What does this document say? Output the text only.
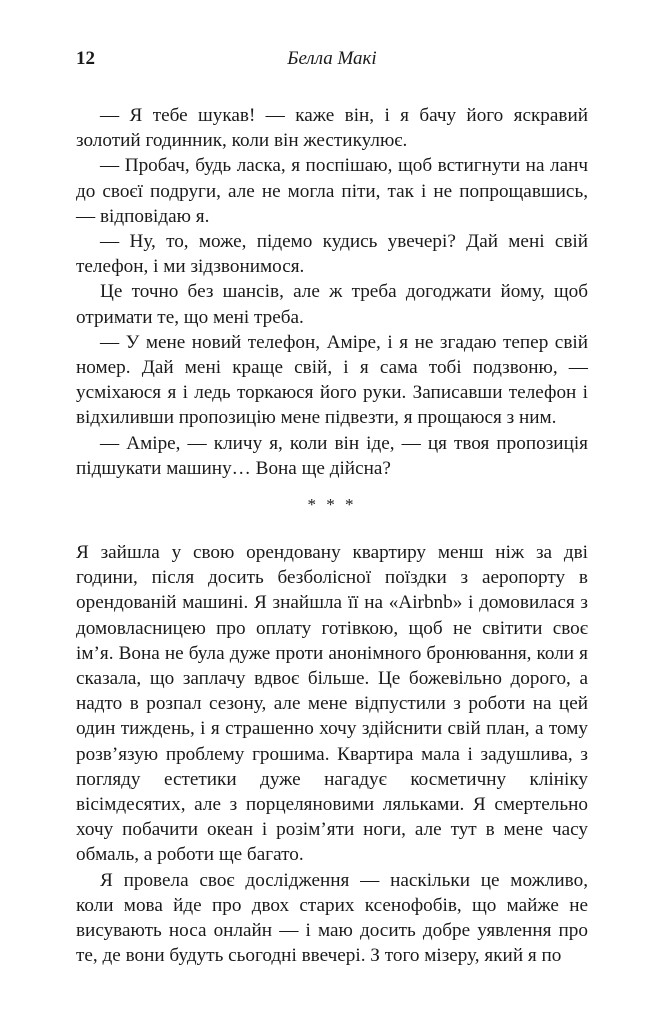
12	Белла Макі

— Я тебе шукав! — каже він, і я бачу його яскравий золотий годинник, коли він жестикулює.

— Пробач, будь ласка, я поспішаю, щоб встигнути на ланч до своєї подруги, але не могла піти, так і не попрощавшись, — відповідаю я.

— Ну, то, може, підемо кудись увечері? Дай мені свій телефон, і ми зідзвонимося.

Це точно без шансів, але ж треба догоджати йому, щоб отримати те, що мені треба.

— У мене новий телефон, Аміре, і я не згадаю тепер свій номер. Дай мені краще свій, і я сама тобі подзвоню, — усміхаюся я і ледь торкаюся його руки. Записавши телефон і відхиливши пропозицію мене підвезти, я прощаюся з ним.

— Аміре, — кличу я, коли він іде, — ця твоя пропозиція підшукати машину… Вона ще дійсна?

* * *

Я зайшла у свою орендовану квартиру менш ніж за дві години, після досить безболісної поїздки з аеропорту в орендованій машині. Я знайшла її на «Airbnb» і домовилася з домовласницею про оплату готівкою, щоб не світити своє ім’я. Вона не була дуже проти анонімного бронювання, коли я сказала, що заплачу вдвоє більше. Це божевільно дорого, а надто в розпал сезону, але мене відпустили з роботи на цей один тиждень, і я страшенно хочу здійснити свій план, а тому розв’язую проблему грошима. Квартира мала і задушлива, з погляду естетики дуже нагадує косметичну клініку вісімдесятих, але з порцеляновими ляльками. Я смертельно хочу побачити океан і розім’яти ноги, але тут в мене часу обмаль, а роботи ще багато.

Я провела своє дослідження — наскільки це можливо, коли мова йде про двох старих ксенофобів, що майже не висувають носа онлайн — і маю досить добре уявлення про те, де вони будуть сьогодні ввечері. З того мізеру, який я по
